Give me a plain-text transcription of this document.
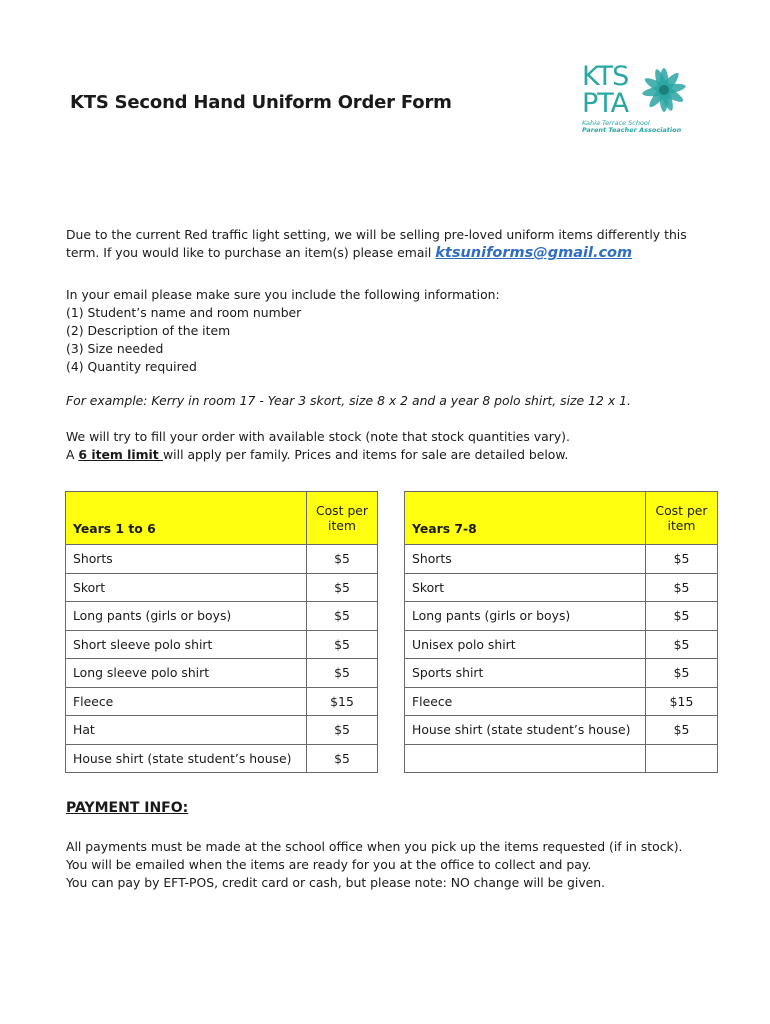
KTS Second Hand Uniform Order Form
KTS
PTA
Kahia Terrace School
Parent Teacher Association
Due to the current Red traffic light setting, we will be selling pre-loved uniform items differently this
term. If you would like to purchase an item(s) please email ktsuniforms@gmail.com
In your email please make sure you include the following information:
(1) Student’s name and room number
(2) Description of the item
(3) Size needed
(4) Quantity required
For example: Kerry in room 17 - Year 3 skort, size 8 x 2 and a year 8 polo shirt, size 12 x 1.
We will try to fill your order with available stock (note that stock quantities vary).
A 6 item limit will apply per family. Prices and items for sale are detailed below.
Years 1 to 6	Cost per item
Shorts	$5
Skort	$5
Long pants (girls or boys)	$5
Short sleeve polo shirt	$5
Long sleeve polo shirt	$5
Fleece	$15
Hat	$5
House shirt (state student’s house)	$5
Years 7-8	Cost per item
Shorts	$5
Skort	$5
Long pants (girls or boys)	$5
Unisex polo shirt	$5
Sports shirt	$5
Fleece	$15
House shirt (state student’s house)	$5

PAYMENT INFO:
All payments must be made at the school office when you pick up the items requested (if in stock).
You will be emailed when the items are ready for you at the office to collect and pay.
You can pay by EFT-POS, credit card or cash, but please note: NO change will be given.
